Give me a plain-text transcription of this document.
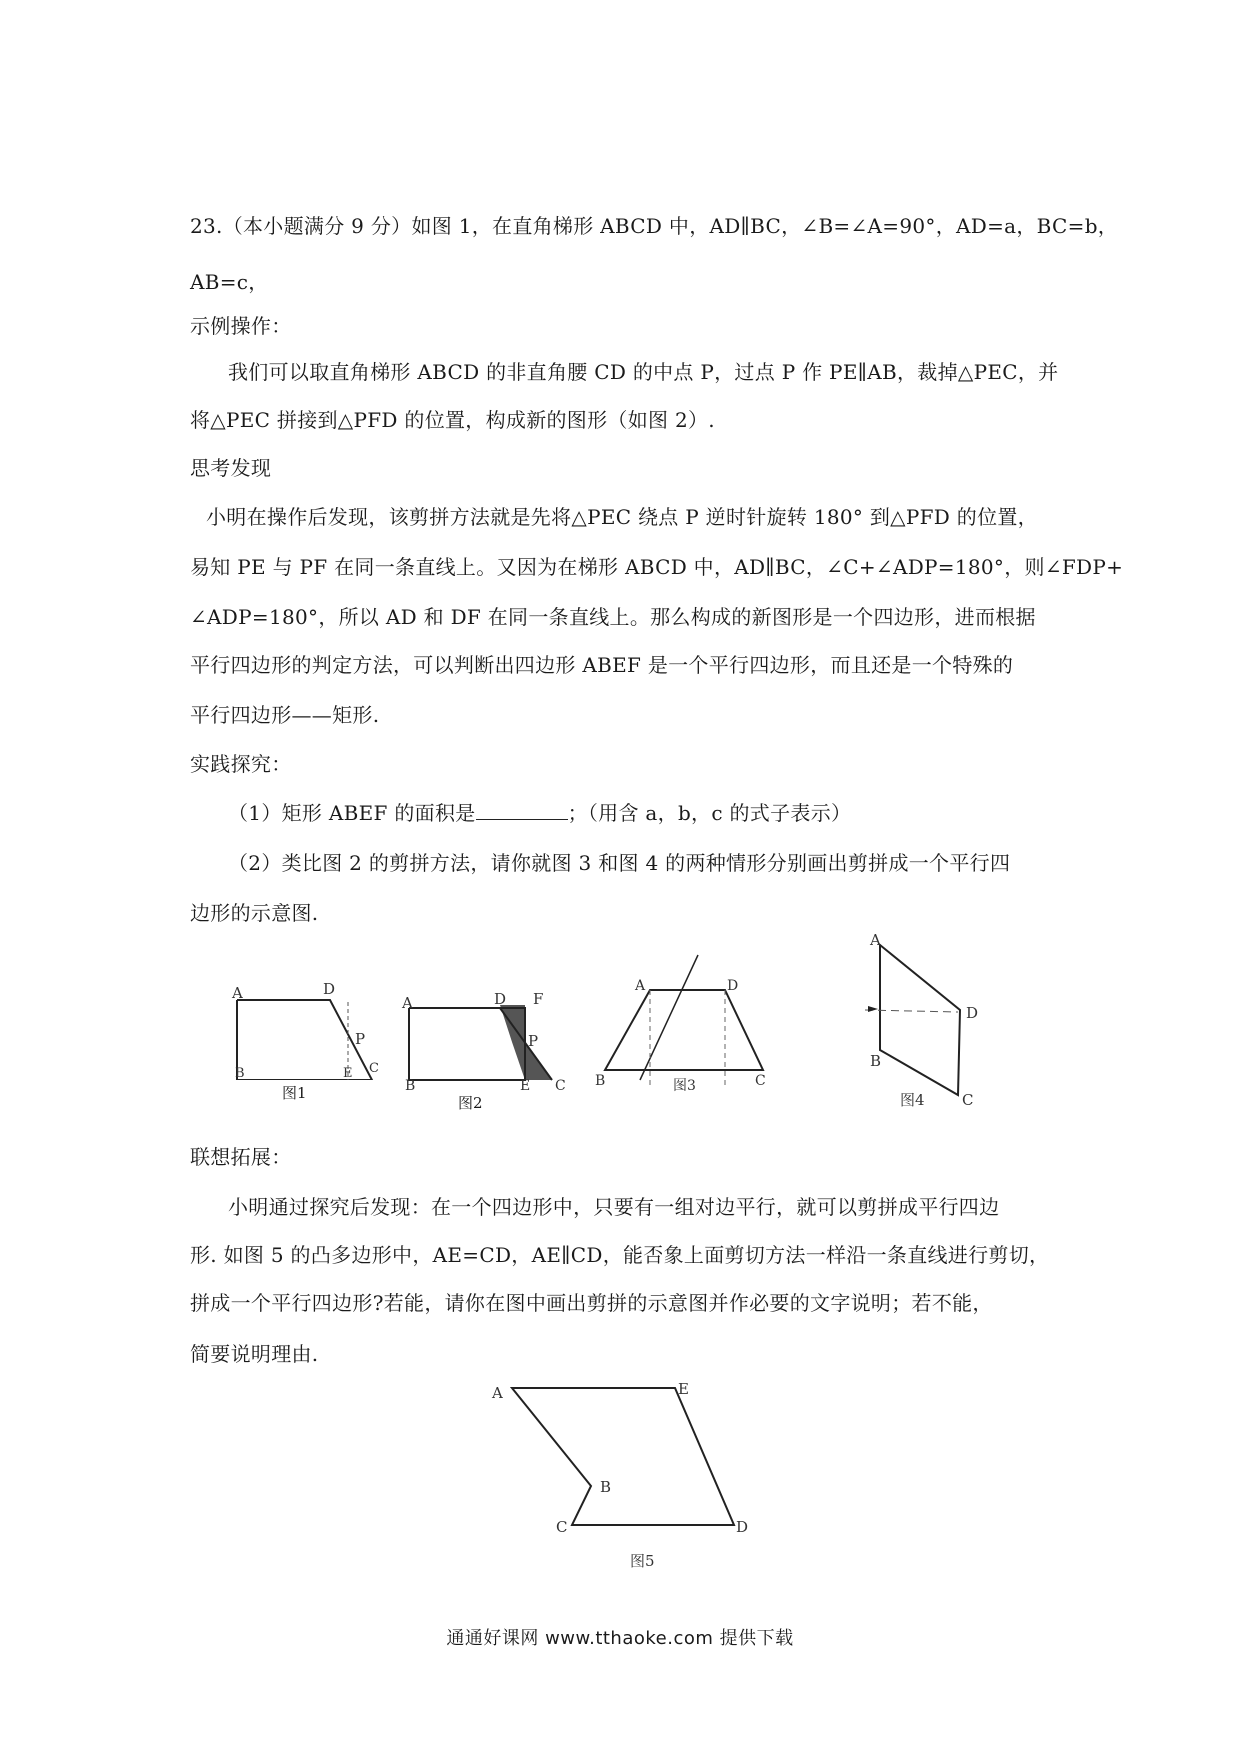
23.（本小题满分 9 分）如图 1，在直角梯形 ABCD 中，AD∥BC，∠B=∠A=90°，AD=a，BC=b，
AB=c，
示例操作：
我们可以取直角梯形 ABCD 的非直角腰 CD 的中点 P，过点 P 作 PE∥AB，裁掉△PEC，并
将△PEC 拼接到△PFD 的位置，构成新的图形（如图 2）.
思考发现
小明在操作后发现，该剪拼方法就是先将△PEC 绕点 P 逆时针旋转 180° 到△PFD 的位置，
易知 PE 与 PF 在同一条直线上。又因为在梯形 ABCD 中，AD∥BC，∠C+∠ADP=180°，则∠FDP+
∠ADP=180°，所以 AD 和 DF 在同一条直线上。那么构成的新图形是一个四边形，进而根据
平行四边形的判定方法，可以判断出四边形 ABEF 是一个平行四边形，而且还是一个特殊的
平行四边形——矩形.
实践探究：
（1）矩形 ABEF 的面积是	；（用含 a，b，c 的式子表示）
（2）类比图 2 的剪拼方法，请你就图 3 和图 4 的两种情形分别画出剪拼成一个平行四
边形的示意图.
A	D
P
B	E C
图1
A	D F
P
B	E C
图2
A	D
B	C
图3
A
D
B
C
图4
联想拓展：
小明通过探究后发现：在一个四边形中，只要有一组对边平行，就可以剪拼成平行四边
形. 如图 5 的凸多边形中，AE=CD，AE∥CD，能否象上面剪切方法一样沿一条直线进行剪切，
拼成一个平行四边形?若能，请你在图中画出剪拼的示意图并作必要的文字说明；若不能，
简要说明理由.
A	E
B
C	D
图5
通通好课网 www.tthaoke.com 提供下载
